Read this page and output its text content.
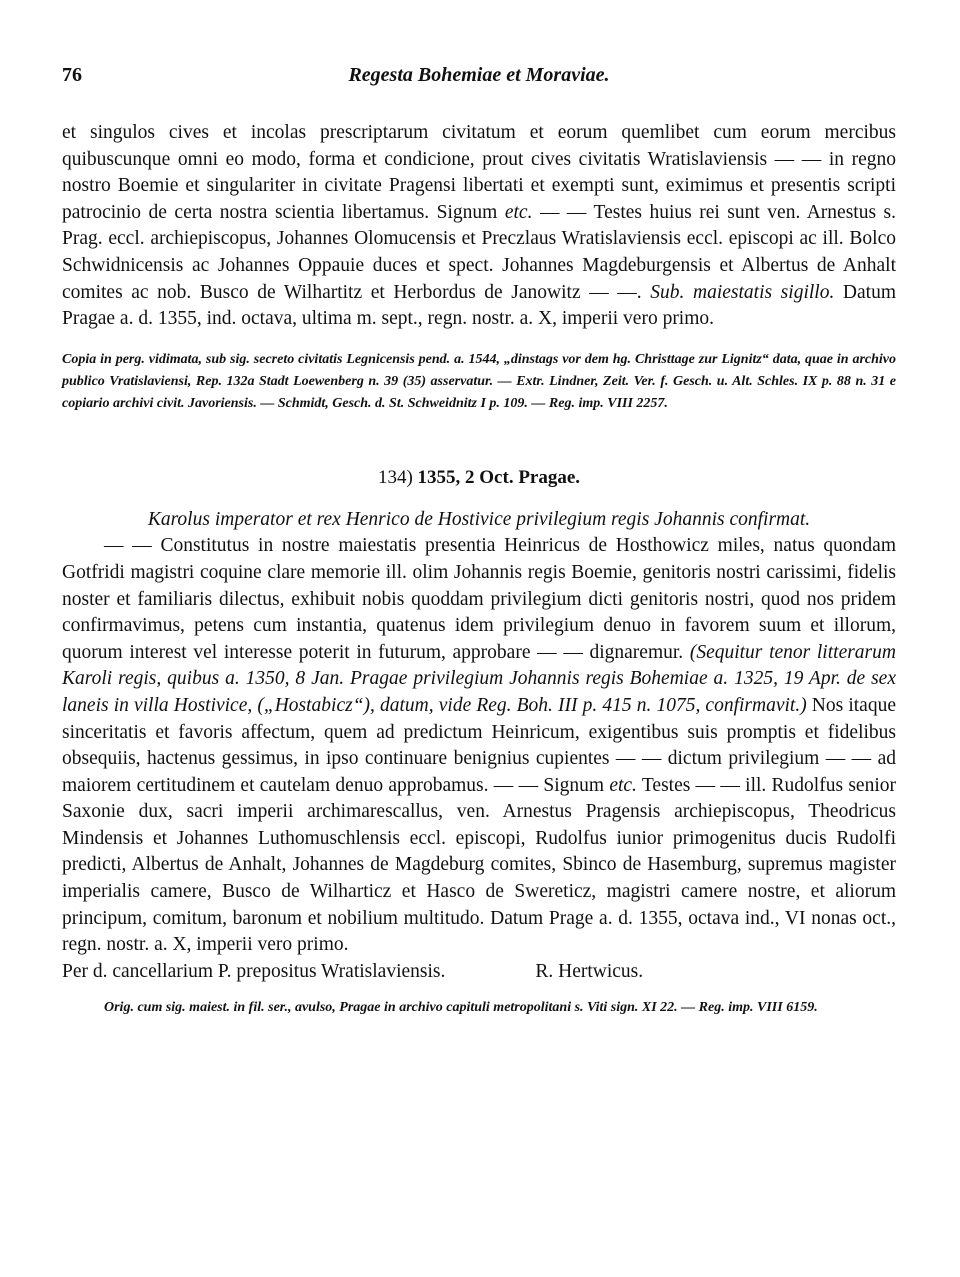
76	Regesta Bohemiae et Moraviae.

et singulos cives et incolas prescriptarum civitatum et eorum quemlibet cum eorum mercibus quibuscunque omni eo modo, forma et condicione, prout cives civitatis Wratislaviensis — — in regno nostro Boemie et singulariter in civitate Pragensi libertati et exempti sunt, eximimus et presentis scripti patrocinio de certa nostra scientia libertamus. Signum etc. — — Testes huius rei sunt ven. Arnestus s. Prag. eccl. archiepiscopus, Johannes Olomucensis et Preczlaus Wratislaviensis eccl. episcopi ac ill. Bolco Schwidnicensis ac Johannes Oppauie duces et spect. Johannes Magdeburgensis et Albertus de Anhalt comites ac nob. Busco de Wilhartitz et Herbordus de Janowitz — —. Sub. maiestatis sigillo. Datum Pragae a. d. 1355, ind. octava, ultima m. sept., regn. nostr. a. X, imperii vero primo.

Copia in perg. vidimata, sub sig. secreto civitatis Legnicensis pend. a. 1544, „dinstags vor dem hg. Christtage zur Lignitz“ data, quae in archivo publico Vratislaviensi, Rep. 132a Stadt Loewenberg n. 39 (35) asservatur. — Extr. Lindner, Zeit. Ver. f. Gesch. u. Alt. Schles. IX p. 88 n. 31 e copiario archivi civit. Javoriensis. — Schmidt, Gesch. d. St. Schweidnitz I p. 109. — Reg. imp. VIII 2257.

134) 1355, 2 Oct. Pragae.

Karolus imperator et rex Henrico de Hostivice privilegium regis Johannis confirmat.

— — Constitutus in nostre maiestatis presentia Heinricus de Hosthowicz miles, natus quondam Gotfridi magistri coquine clare memorie ill. olim Johannis regis Boemie, genitoris nostri carissimi, fidelis noster et familiaris dilectus, exhibuit nobis quoddam privilegium dicti genitoris nostri, quod nos pridem confirmavimus, petens cum instantia, quatenus idem privilegium denuo in favorem suum et illorum, quorum interest vel interesse poterit in futurum, approbare — — dignaremur. (Sequitur tenor litterarum Karoli regis, quibus a. 1350, 8 Jan. Pragae privilegium Johannis regis Bohemiae a. 1325, 19 Apr. de sex laneis in villa Hostivice, („Hostabicz“), datum, vide Reg. Boh. III p. 415 n. 1075, confirmavit.) Nos itaque sinceritatis et favoris affectum, quem ad predictum Heinricum, exigentibus suis promptis et fidelibus obsequiis, hactenus gessimus, in ipso continuare benignius cupientes — — dictum privilegium — — ad maiorem certitudinem et cautelam denuo approbamus. — — Signum etc. Testes — — ill. Rudolfus senior Saxonie dux, sacri imperii archimarescallus, ven. Arnestus Pragensis archiepiscopus, Theodricus Mindensis et Johannes Luthomuschlensis eccl. episcopi, Rudolfus iunior primogenitus ducis Rudolfi predicti, Albertus de Anhalt, Johannes de Magdeburg comites, Sbinco de Hasemburg, supremus magister imperialis camere, Busco de Wilharticz et Hasco de Swereticz, magistri camere nostre, et aliorum principum, comitum, baronum et nobilium multitudo. Datum Prage a. d. 1355, octava ind., VI nonas oct., regn. nostr. a. X, imperii vero primo.

Per d. cancellarium P. prepositus Wratislaviensis.	R. Hertwicus.

Orig. cum sig. maiest. in fil. ser., avulso, Pragae in archivo capituli metropolitani s. Viti sign. XI 22. — Reg. imp. VIII 6159.
